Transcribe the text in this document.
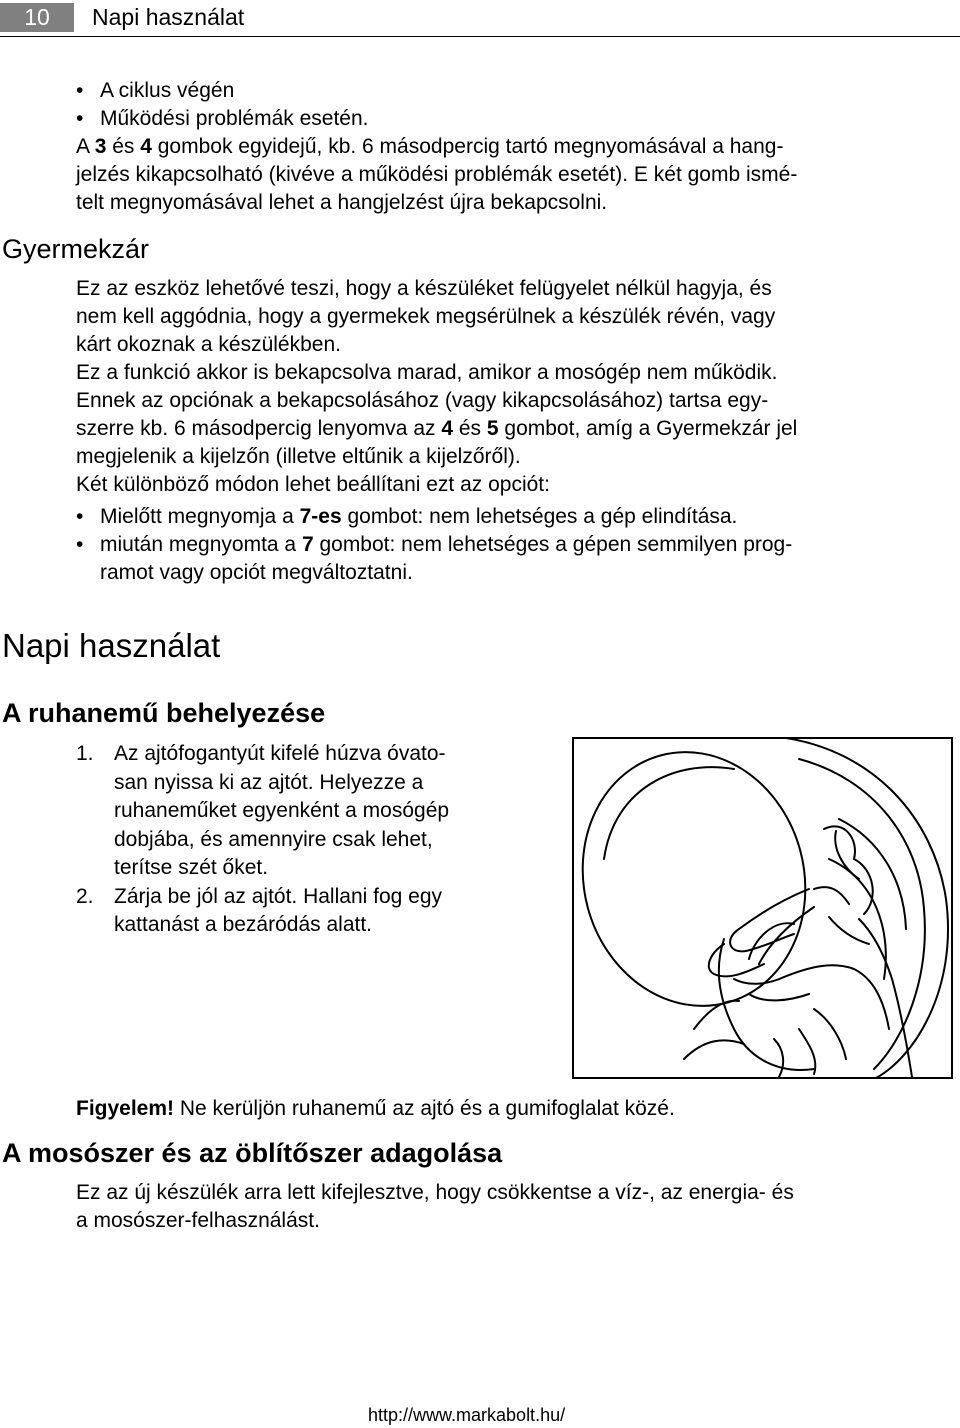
10	Napi használat
• A ciklus végén
• Működési problémák esetén.

A 3 és 4 gombok egyidejű, kb. 6 másodpercig tartó megnyomásával a hang-

jelzés kikapcsolható (kivéve a működési problémák esetét). E két gomb ismé-

telt megnyomásával lehet a hangjelzést újra bekapcsolni.

Gyermekzár

Ez az eszköz lehetővé teszi, hogy a készüléket felügyelet nélkül hagyja, és

nem kell aggódnia, hogy a gyermekek megsérülnek a készülék révén, vagy

kárt okoznak a készülékben.

Ez a funkció akkor is bekapcsolva marad, amikor a mosógép nem működik.

Ennek az opciónak a bekapcsolásához (vagy kikapcsolásához) tartsa egy-

szerre kb. 6 másodpercig lenyomva az 4 és 5 gombot, amíg a Gyermekzár jel

megjelenik a kijelzőn (illetve eltűnik a kijelzőről).

Két különböző módon lehet beállítani ezt az opciót:

• Mielőtt megnyomja a 7-es gombot: nem lehetséges a gép elindítása.
• miután megnyomta a 7 gombot: nem lehetséges a gépen semmilyen prog-
ramot vagy opciót megváltoztatni.
Napi használat
A ruhanemű behelyezése
1. Az ajtófogantyút kifelé húzva óvato-
san nyissa ki az ajtót. Helyezze a
ruhaneműket egyenként a mosógép
dobjába, és amennyire csak lehet,
terítse szét őket.
2. Zárja be jól az ajtót. Hallani fog egy
kattanást a bezáródás alatt.

Figyelem! Ne kerüljön ruhanemű az ajtó és a gumifoglalat közé.

A mosószer és az öblítőszer adagolása

Ez az új készülék arra lett kifejlesztve, hogy csökkentse a víz-, az energia- és

a mosószer-felhasználást.

http://www.markabolt.hu/
